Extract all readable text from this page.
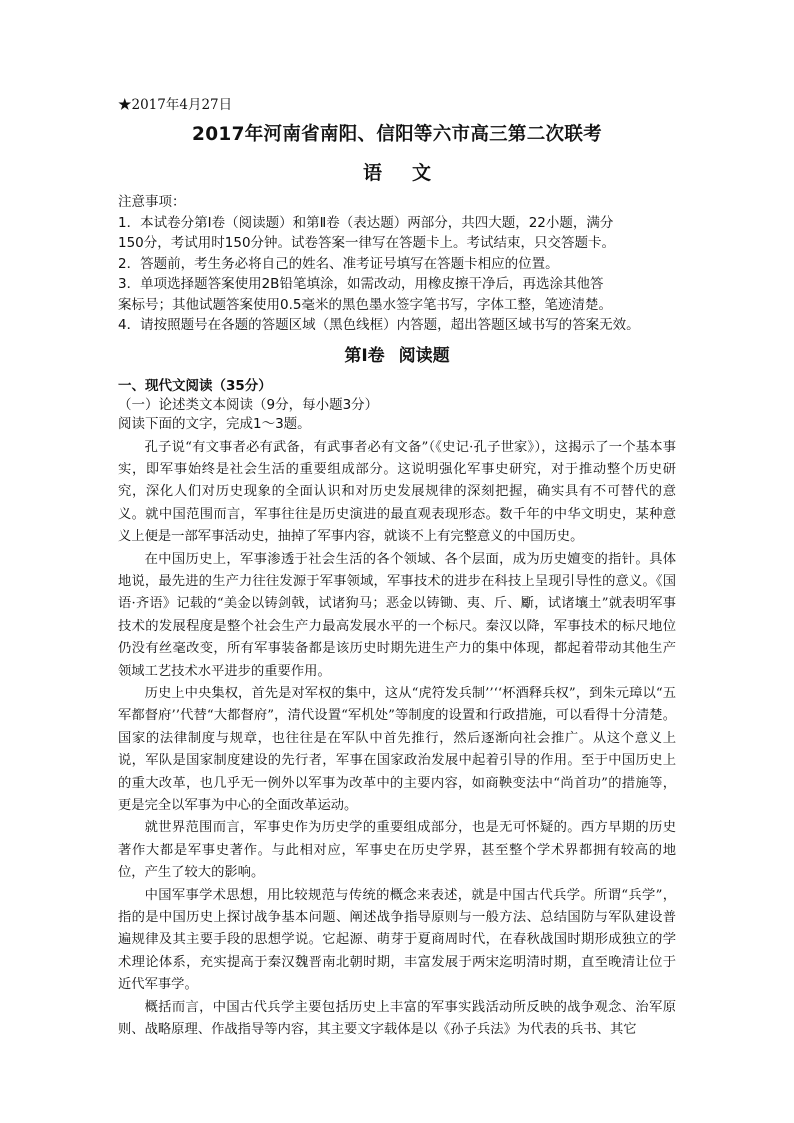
★2017年4月27日
2017年河南省南阳、信阳等六市高三第二次联考
语文

注意事项：

1．本试卷分第Ⅰ卷（阅读题）和第Ⅱ卷（表达题）两部分，共四大题，22小题，满分

150分，考试用时150分钟。试卷答案一律写在答题卡上。考试结束，只交答题卡。

2．答题前，考生务必将自己的姓名、准考证号填写在答题卡相应的位置。

3．单项选择题答案使用2B铅笔填涂，如需改动，用橡皮擦干净后，再选涂其他答

案标号；其他试题答案使用0.5毫米的黑色墨水签字笔书写，字体工整，笔迹清楚。

4．请按照题号在各题的答题区域（黑色线框）内答题，超出答题区域书写的答案无效。

第Ⅰ卷 阅读题
一、现代文阅读（35分）
（一）论述类文本阅读（9分，每小题3分）
阅读下面的文字，完成1～3题。

孔子说“有文事者必有武备，有武事者必有文备”（《史记·孔子世家》），这揭示了一个基本事实，即军事始终是社会生活的重要组成部分。这说明强化军事史研究，对于推动整个历史研究，深化人们对历史现象的全面认识和对历史发展规律的深刻把握，确实具有不可替代的意义。就中国范围而言，军事往往是历史演进的最直观表现形态。数千年的中华文明史，某种意义上便是一部军事活动史，抽掉了军事内容，就谈不上有完整意义的中国历史。

在中国历史上，军事渗透于社会生活的各个领域、各个层面，成为历史嬗变的指针。具体地说，最先进的生产力往往发源于军事领域，军事技术的进步在科技上呈现引导性的意义。《国语·齐语》记载的“美金以铸剑戟，试诸狗马；恶金以铸锄、夷、斤、斸，试诸壤土”就表明军事技术的发展程度是整个社会生产力最高发展水平的一个标尺。秦汉以降，军事技术的标尺地位仍没有丝毫改变，所有军事装备都是该历史时期先进生产力的集中体现，都起着带动其他生产领域工艺技术水平进步的重要作用。

历史上中央集权，首先是对军权的集中，这从“虎符发兵制’’‘‘杯酒释兵权”，到朱元璋以“五军都督府’’代替“大都督府”，清代设置“军机处”等制度的设置和行政措施，可以看得十分清楚。国家的法律制度与规章，也往往是在军队中首先推行，然后逐渐向社会推广。从这个意义上说，军队是国家制度建设的先行者，军事在国家政治发展中起着引导的作用。至于中国历史上的重大改革，也几乎无一例外以军事为改革中的主要内容，如商鞅变法中“尚首功”的措施等，更是完全以军事为中心的全面改革运动。

就世界范围而言，军事史作为历史学的重要组成部分，也是无可怀疑的。西方早期的历史著作大都是军事史著作。与此相对应，军事史在历史学界，甚至整个学术界都拥有较高的地位，产生了较大的影响。

中国军事学术思想，用比较规范与传统的概念来表述，就是中国古代兵学。所谓“兵学”，指的是中国历史上探讨战争基本问题、阐述战争指导原则与一般方法、总结国防与军队建设普遍规律及其主要手段的思想学说。它起源、萌芽于夏商周时代，在春秋战国时期形成独立的学术理论体系，充实提高于秦汉魏晋南北朝时期，丰富发展于两宋迄明清时期，直至晚清让位于近代军事学。

概括而言，中国古代兵学主要包括历史上丰富的军事实践活动所反映的战争观念、治军原则、战略原理、作战指导等内容，其主要文字载体是以《孙子兵法》为代表的兵书、其它
